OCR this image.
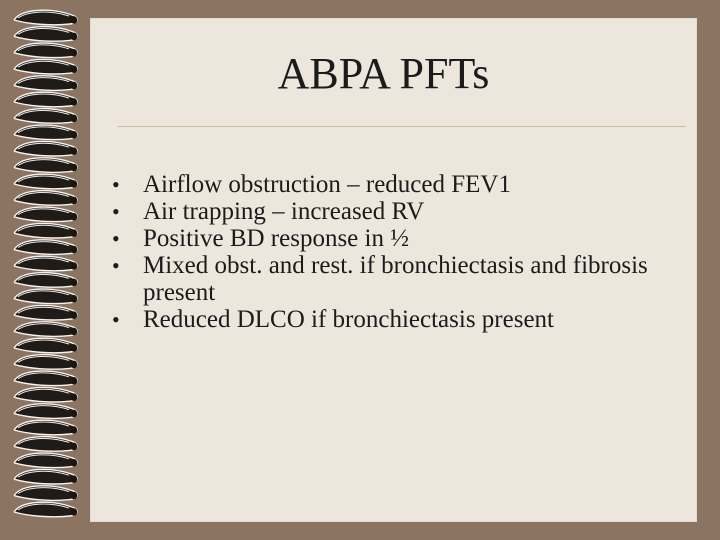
ABPA PFTs
• Airflow obstruction – reduced FEV1
• Air trapping – increased RV
• Positive BD response in ½
• Mixed obst. and rest. if bronchiectasis and fibrosis present
• Reduced DLCO if bronchiectasis present
